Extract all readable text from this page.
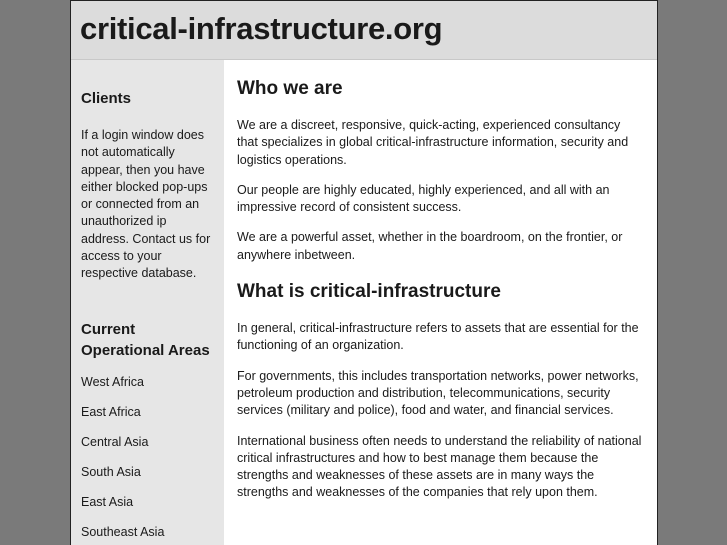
critical-infrastructure.org
Clients

If a login window does not automatically appear, then you have either blocked pop-ups or connected from an unauthorized ip address. Contact us for access to your respective database.

Current Operational Areas
West Africa
East Africa
Central Asia
South Asia
East Asia
Southeast Asia
Who we are

We are a discreet, responsive, quick-acting, experienced consultancy that specializes in global critical-infrastructure information, security and logistics operations.

Our people are highly educated, highly experienced, and all with an impressive record of consistent success.

We are a powerful asset, whether in the boardroom, on the frontier, or anywhere inbetween.

What is critical-infrastructure

In general, critical-infrastructure refers to assets that are essential for the functioning of an organization.

For governments, this includes transportation networks, power networks, petroleum production and distribution, telecommunications, security services (military and police), food and water, and financial services.

International business often needs to understand the reliability of national critical infrastructures and how to best manage them because the strengths and weaknesses of these assets are in many ways the strengths and weaknesses of the companies that rely upon them.
